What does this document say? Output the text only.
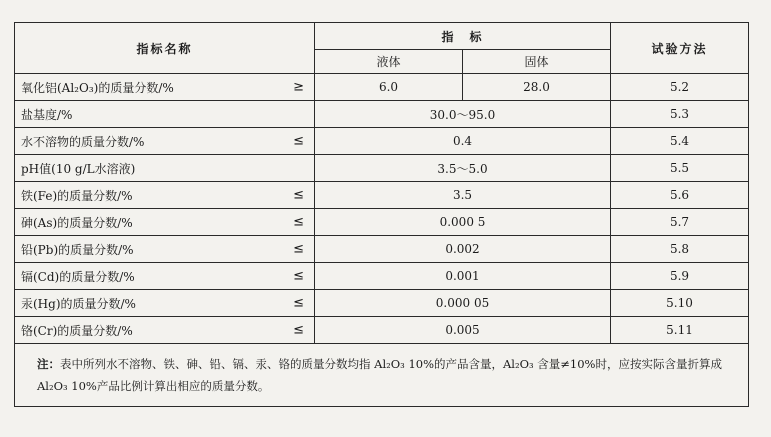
指标名称	指　标		试验方法
	液体	固体	
氧化铝(Al₂O₃)的质量分数/% ≥	6.0	28.0	5.2
盐基度/%	30.0～95.0		5.3
水不溶物的质量分数/% ≤	0.4		5.4
pH值(10 g/L水溶液)	3.5～5.0		5.5
铁(Fe)的质量分数/% ≤	3.5		5.6
砷(As)的质量分数/% ≤	0.000 5		5.7
铅(Pb)的质量分数/% ≤	0.002		5.8
镉(Cd)的质量分数/% ≤	0.001		5.9
汞(Hg)的质量分数/% ≤	0.000 05		5.10
铬(Cr)的质量分数/% ≤	0.005		5.11
注：表中所列水不溶物、铁、砷、铅、镉、汞、铬的质量分数均指 Al₂O₃ 10%的产品含量，Al₂O₃ 含量≠10%时，应按实际含量折算成 Al₂O₃ 10%产品比例计算出相应的质量分数。			
